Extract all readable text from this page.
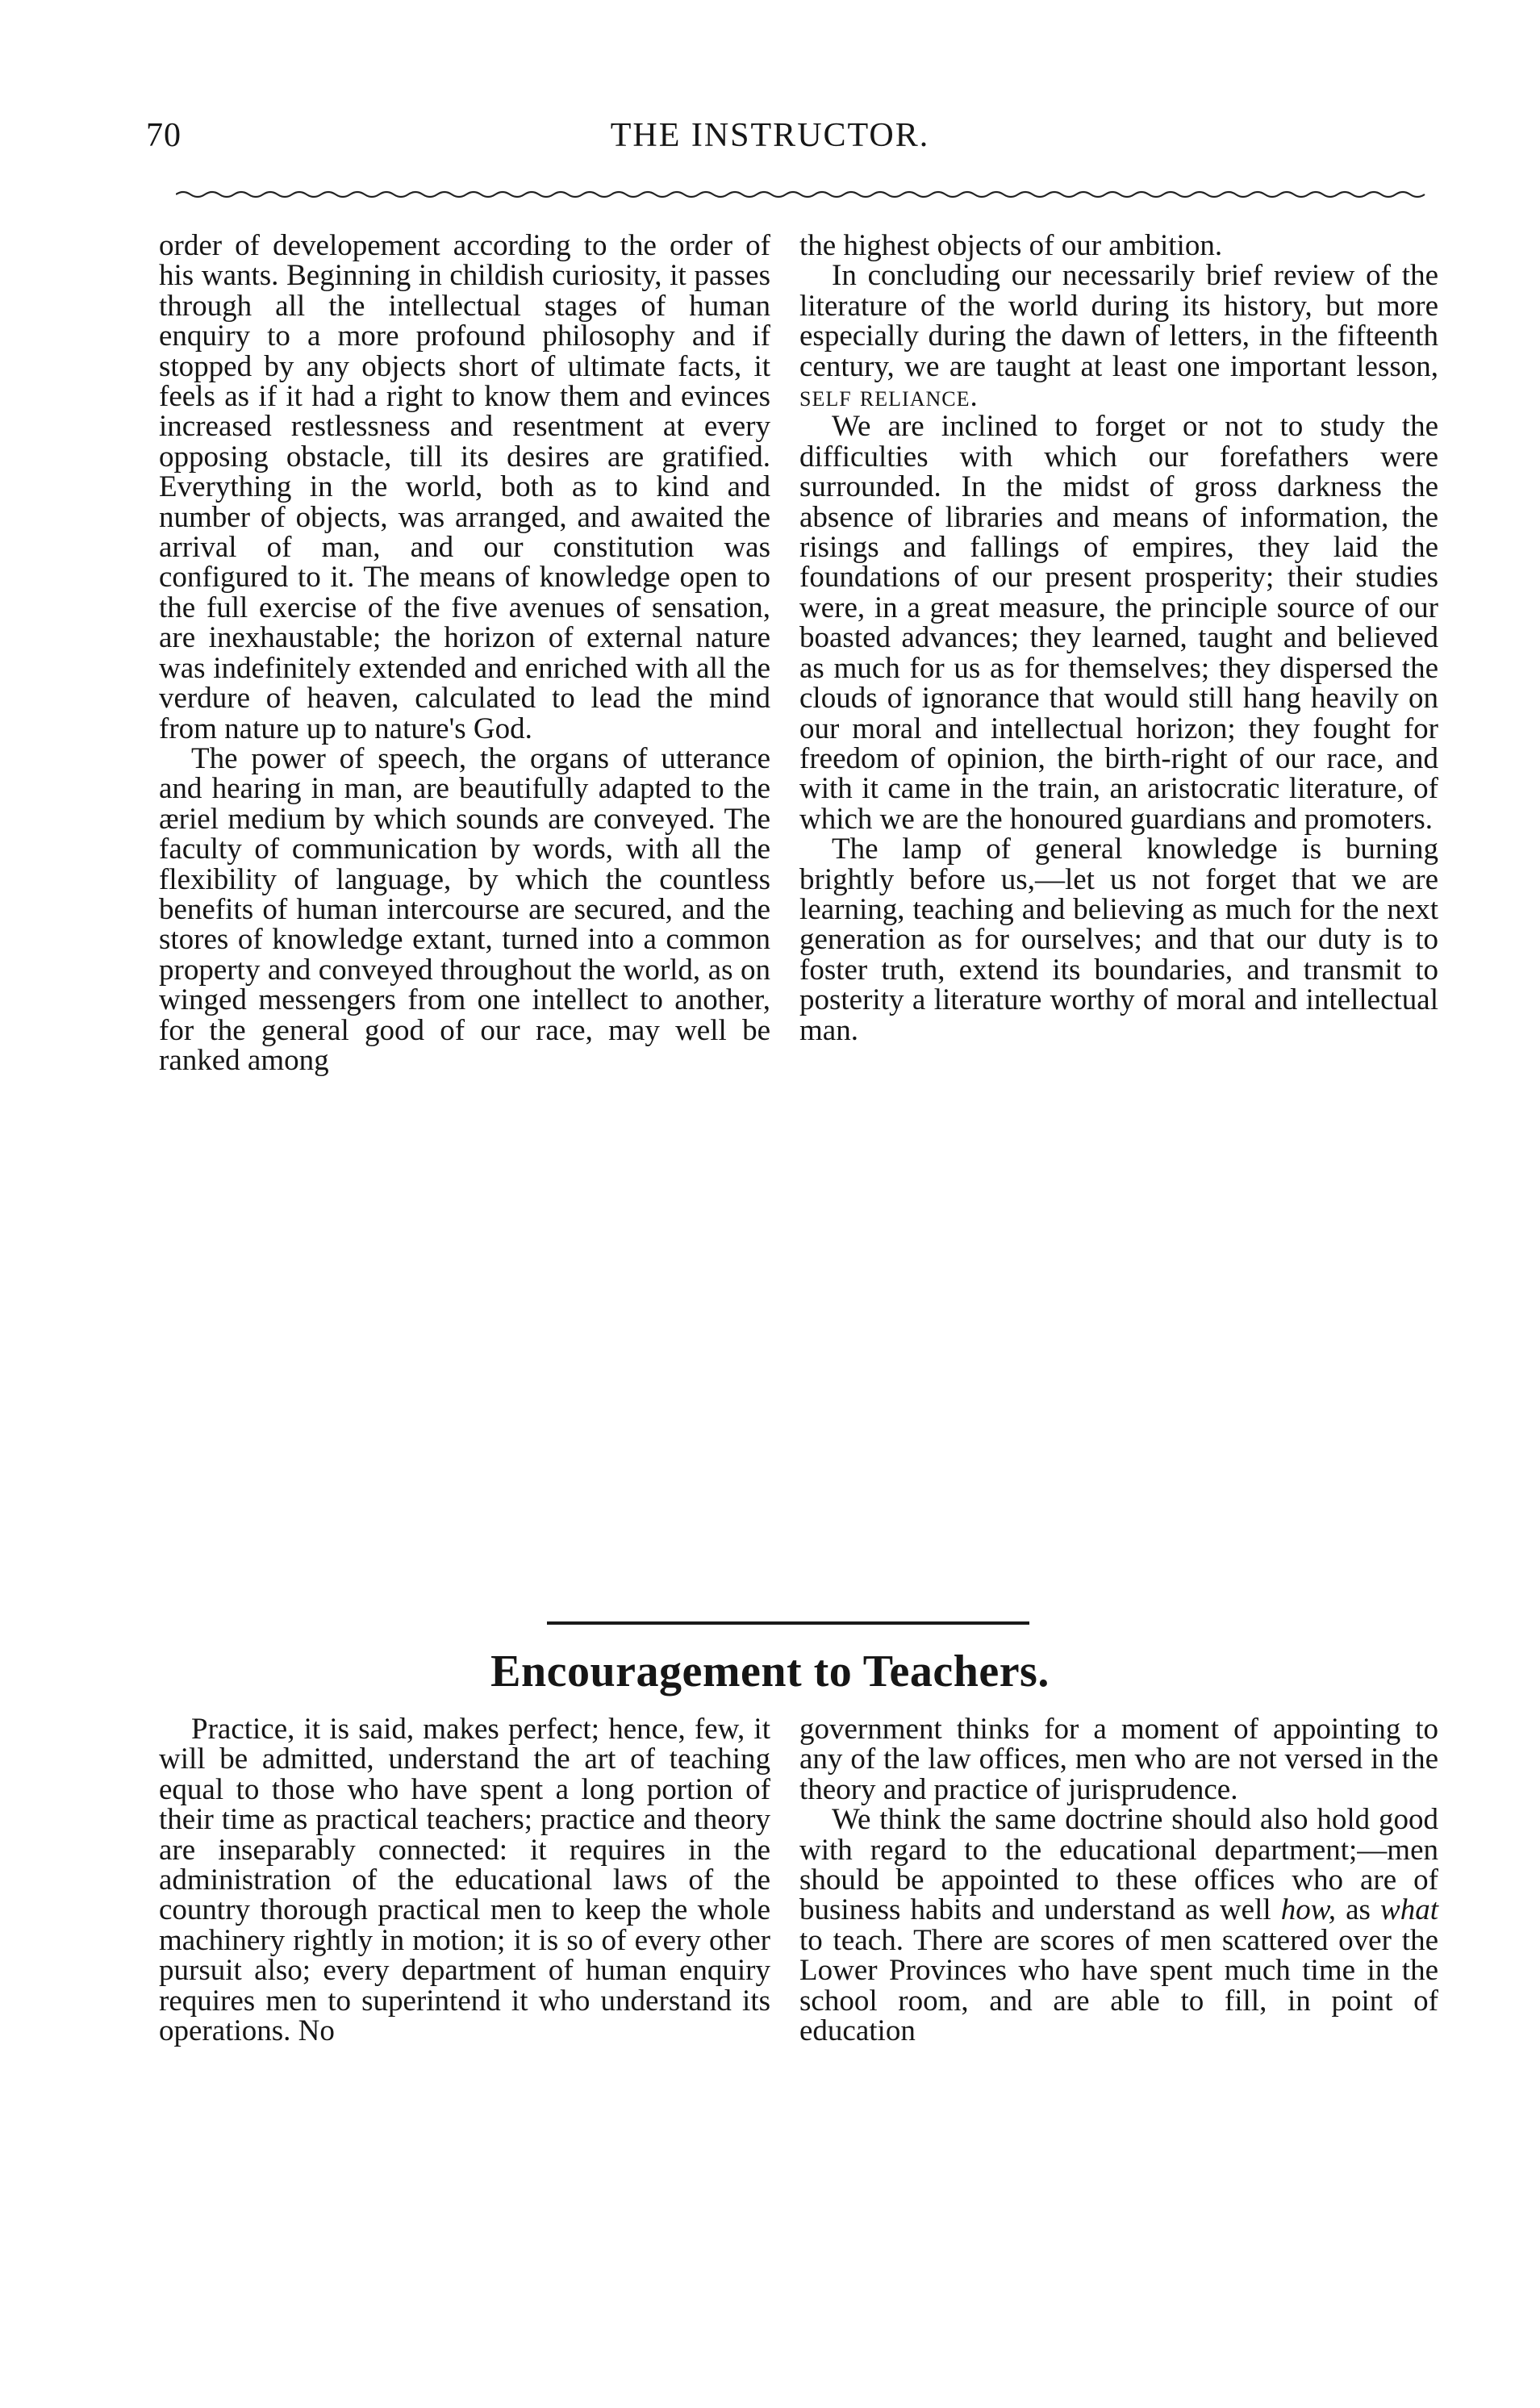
70	THE INSTRUCTOR.

order of developement according to the order of his wants. Beginning in childish curiosity, it passes through all the intellectual stages of human enquiry to a more profound philosophy and if stopped by any objects short of ultimate facts, it feels as if it had a right to know them and evinces increased restlessness and resentment at every opposing obstacle, till its desires are gratified. Everything in the world, both as to kind and number of objects, was arranged, and awaited the arrival of man, and our constitution was configured to it. The means of knowledge open to the full exercise of the five avenues of sensation, are inexhaustable; the horizon of external nature was indefinitely extended and enriched with all the verdure of heaven, calculated to lead the mind from nature up to nature's God.

The power of speech, the organs of utterance and hearing in man, are beautifully adapted to the æriel medium by which sounds are conveyed. The faculty of communication by words, with all the flexibility of language, by which the countless benefits of human intercourse are secured, and the stores of knowledge extant, turned into a common property and conveyed throughout the world, as on winged messengers from one intellect to another, for the general good of our race, may well be ranked among

the highest objects of our ambition.

In concluding our necessarily brief review of the literature of the world during its history, but more especially during the dawn of letters, in the fifteenth century, we are taught at least one important lesson, self reliance.

We are inclined to forget or not to study the difficulties with which our forefathers were surrounded. In the midst of gross darkness the absence of libraries and means of information, the risings and fallings of empires, they laid the foundations of our present prosperity; their studies were, in a great measure, the principle source of our boasted advances; they learned, taught and believed as much for us as for themselves; they dispersed the clouds of ignorance that would still hang heavily on our moral and intellectual horizon; they fought for freedom of opinion, the birth-right of our race, and with it came in the train, an aristocratic literature, of which we are the honoured guardians and promoters.

The lamp of general knowledge is burning brightly before us,—let us not forget that we are learning, teaching and believing as much for the next generation as for ourselves; and that our duty is to foster truth, extend its boundaries, and transmit to posterity a literature worthy of moral and intellectual man.

Encouragement to Teachers.

Practice, it is said, makes perfect; hence, few, it will be admitted, understand the art of teaching equal to those who have spent a long portion of their time as practical teachers; practice and theory are inseparably connected: it requires in the administration of the educational laws of the country thorough practical men to keep the whole machinery rightly in motion; it is so of every other pursuit also; every department of human enquiry requires men to superintend it who understand its operations. No

government thinks for a moment of appointing to any of the law offices, men who are not versed in the theory and practice of jurisprudence.

We think the same doctrine should also hold good with regard to the educational department;—men should be appointed to these offices who are of business habits and understand as well how, as what to teach. There are scores of men scattered over the Lower Provinces who have spent much time in the school room, and are able to fill, in point of education
